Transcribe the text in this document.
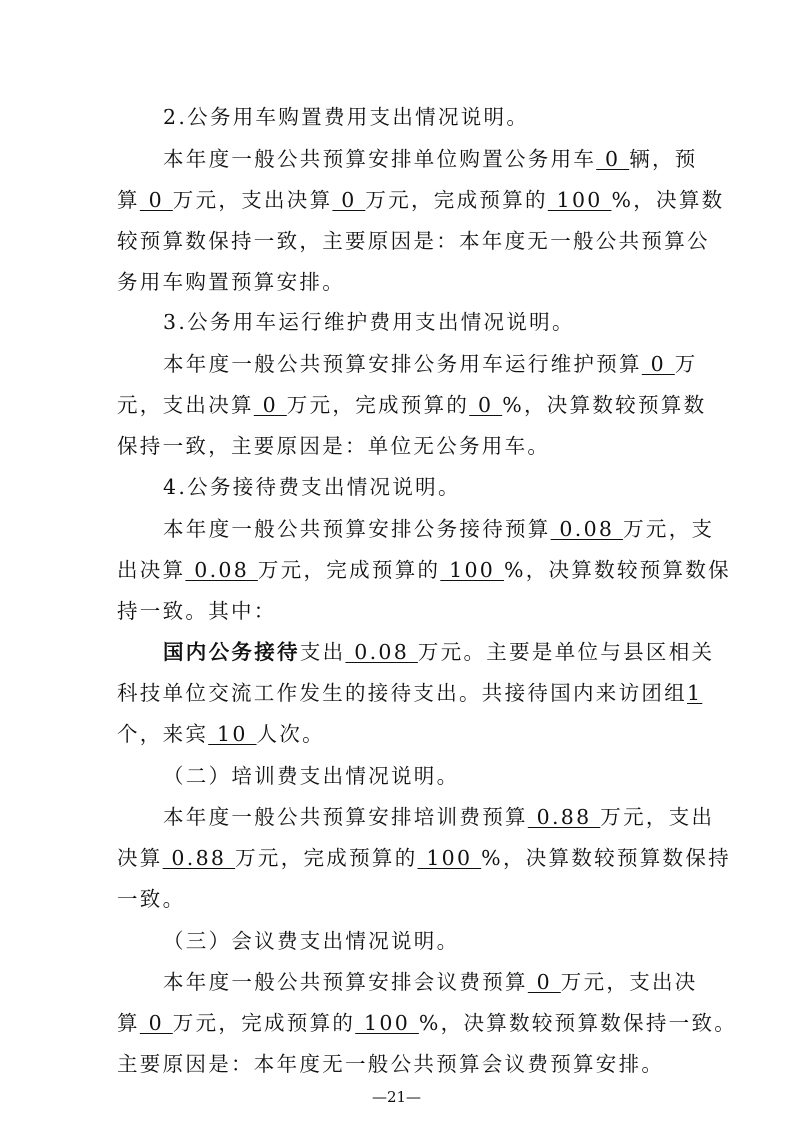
2.公务用车购置费用支出情况说明。
本年度一般公共预算安排单位购置公务用车 0 辆，预
算 0 万元，支出决算 0 万元，完成预算的 100 %，决算数
较预算数保持一致，主要原因是：本年度无一般公共预算公
务用车购置预算安排。
3.公务用车运行维护费用支出情况说明。
本年度一般公共预算安排公务用车运行维护预算 0 万
元，支出决算 0 万元，完成预算的 0 %，决算数较预算数
保持一致，主要原因是：单位无公务用车。
4.公务接待费支出情况说明。
本年度一般公共预算安排公务接待预算 0.08 万元，支
出决算 0.08 万元，完成预算的 100 %，决算数较预算数保
持一致。其中：
国内公务接待支出 0.08 万元。主要是单位与县区相关
科技单位交流工作发生的接待支出。共接待国内来访团组1
个，来宾 10 人次。
（二）培训费支出情况说明。
本年度一般公共预算安排培训费预算 0.88 万元，支出
决算 0.88 万元，完成预算的 100 %，决算数较预算数保持
一致。
（三）会议费支出情况说明。
本年度一般公共预算安排会议费预算 0 万元，支出决
算 0 万元，完成预算的 100 %，决算数较预算数保持一致。
主要原因是：本年度无一般公共预算会议费预算安排。
—21—
